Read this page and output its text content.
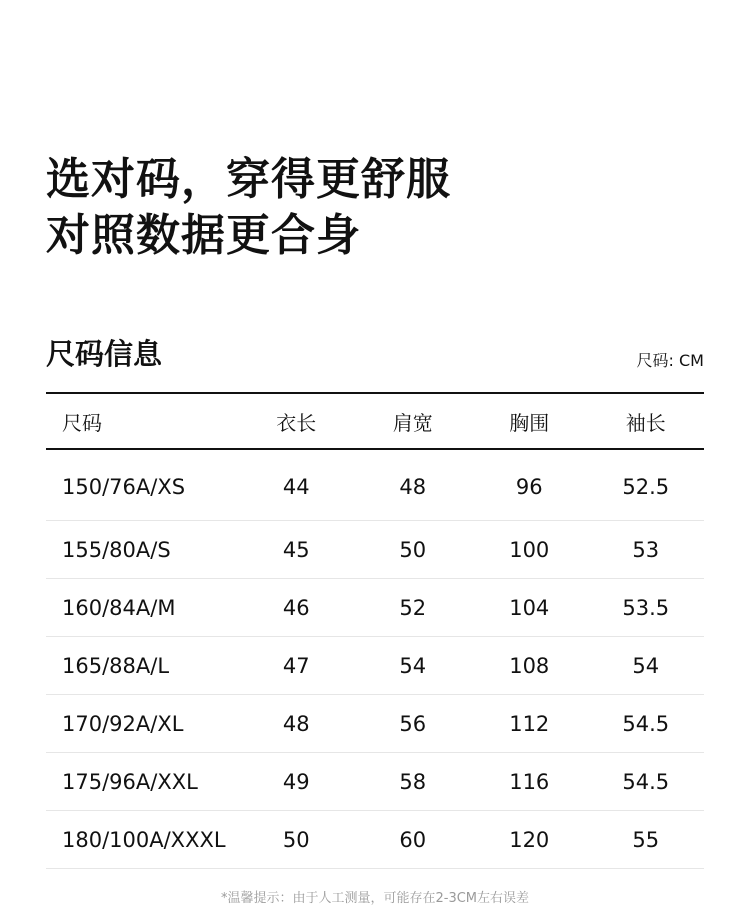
选对码，穿得更舒服
对照数据更合身
尺码信息	尺码: CM
尺码	衣长	肩宽	胸围	袖长
150/76A/XS	44	48	96	52.5
155/80A/S	45	50	100	53
160/84A/M	46	52	104	53.5
165/88A/L	47	54	108	54
170/92A/XL	48	56	112	54.5
175/96A/XXL	49	58	116	54.5
180/100A/XXXL	50	60	120	55
*温馨提示：由于人工测量，可能存在2-3CM左右误差
